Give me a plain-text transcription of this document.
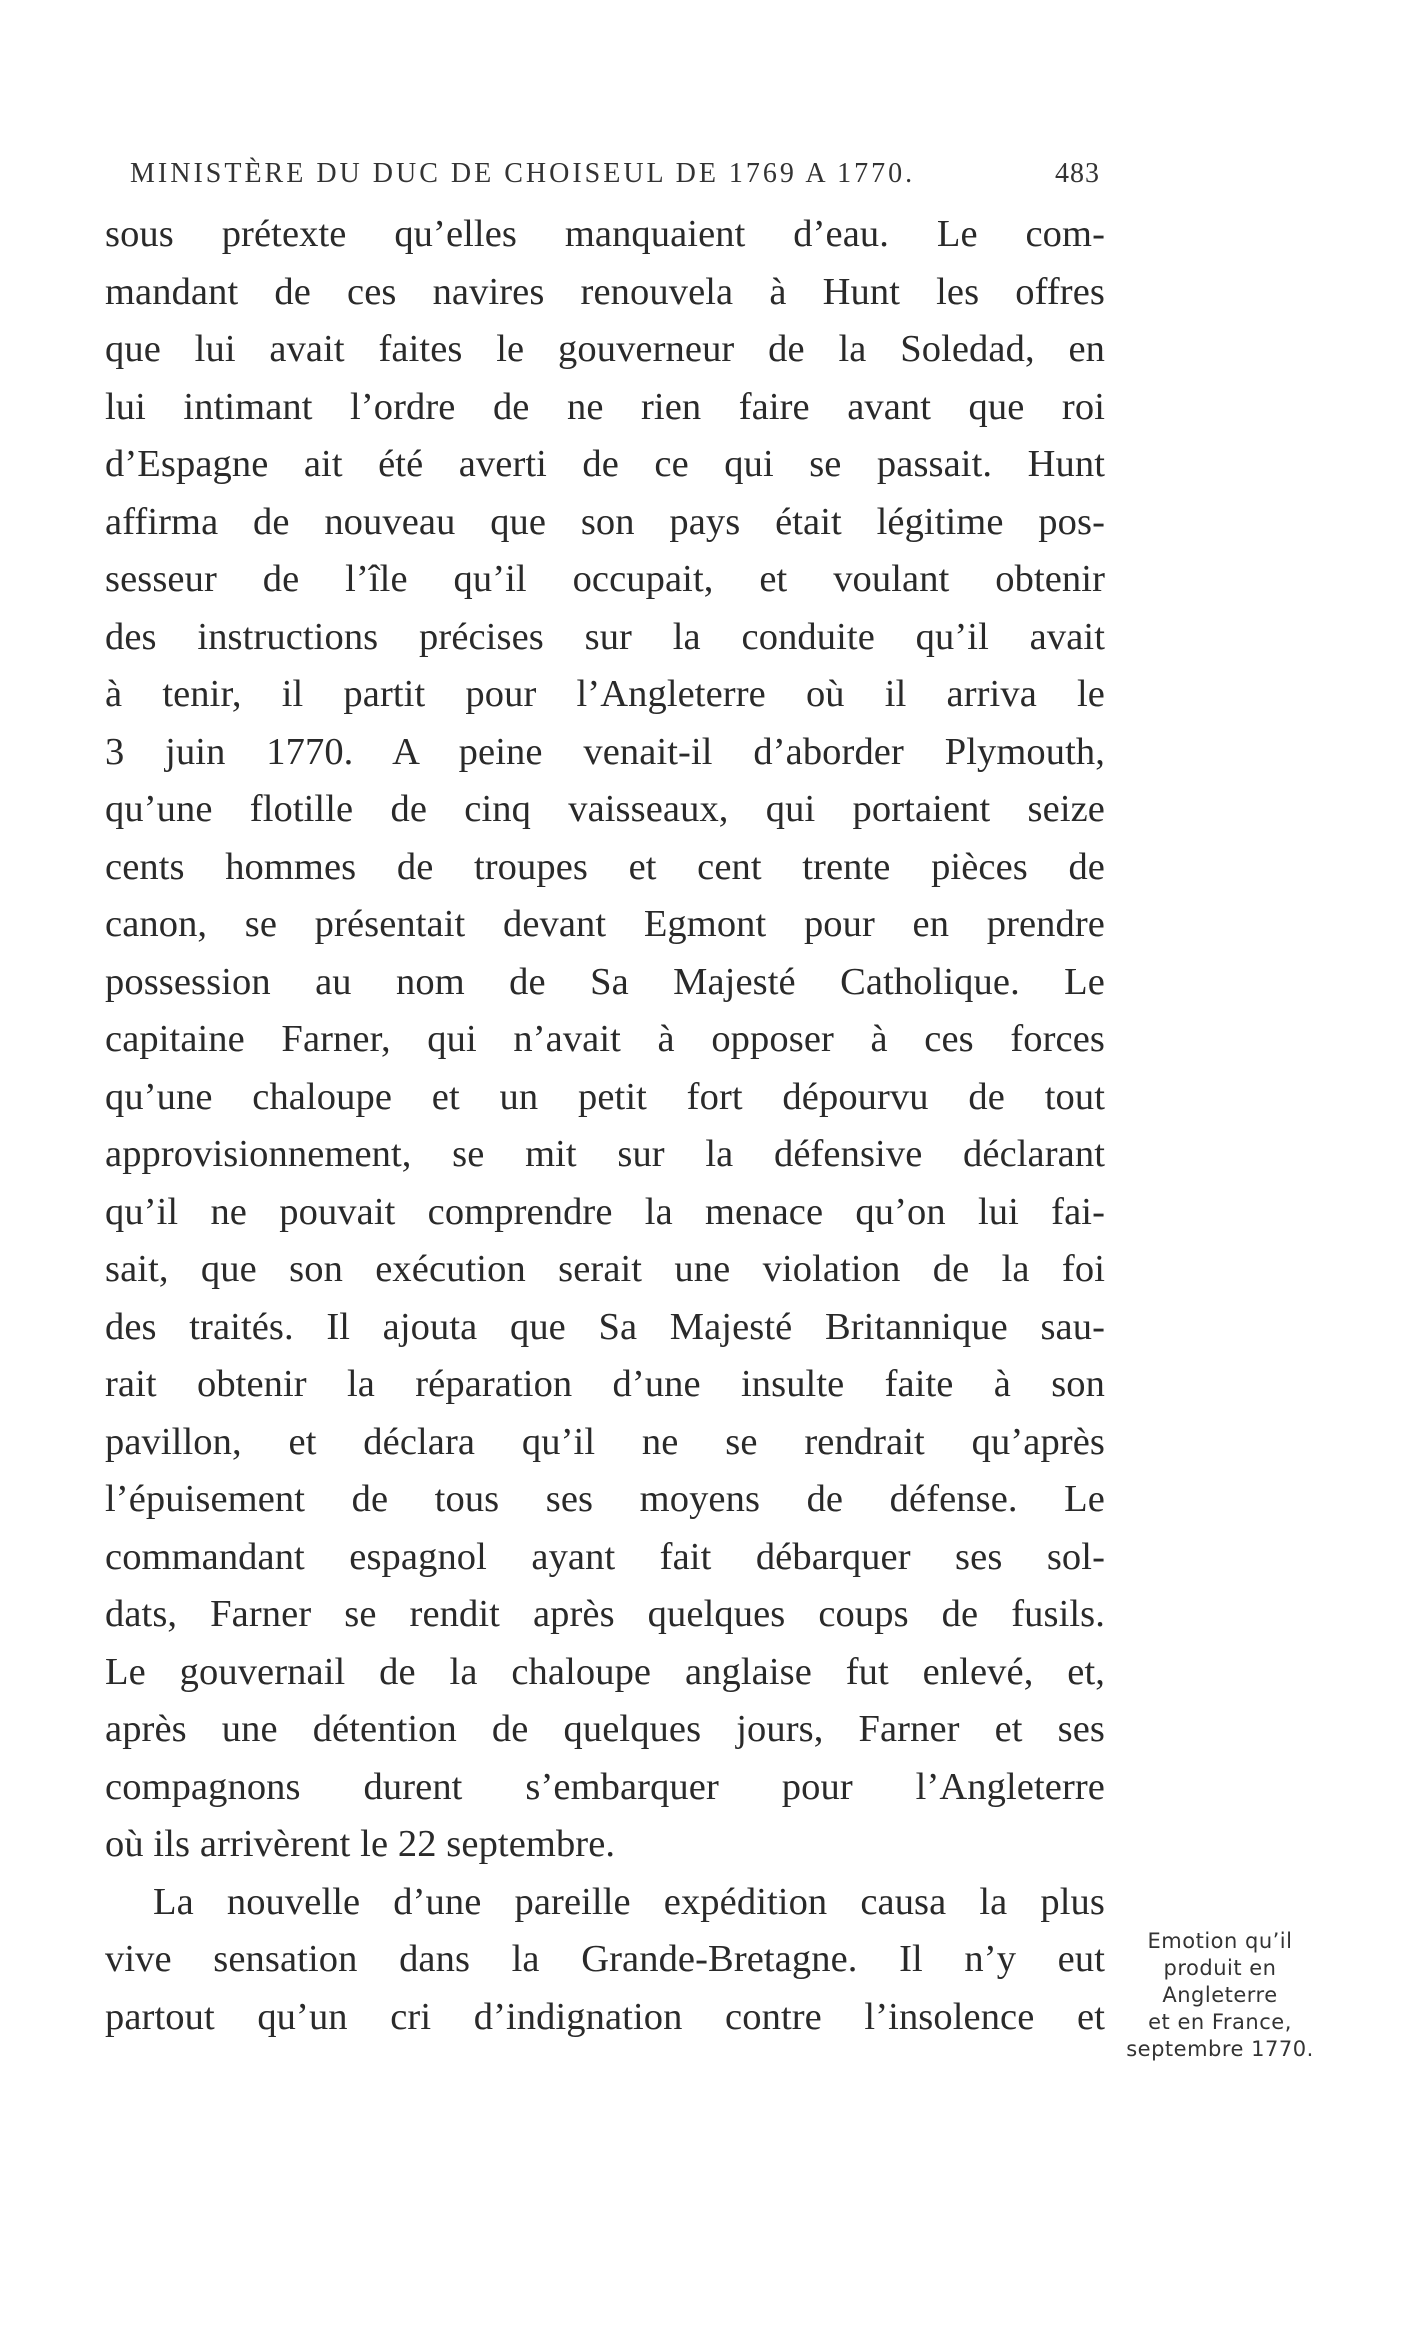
MINISTÈRE DU DUC DE CHOISEUL DE 1769 A 1770.	483
sous prétexte qu’elles manquaient d’eau. Le com-
mandant de ces navires renouvela à Hunt les offres
que lui avait faites le gouverneur de la Soledad, en
lui intimant l’ordre de ne rien faire avant que roi
d’Espagne ait été averti de ce qui se passait. Hunt
affirma de nouveau que son pays était légitime pos-
sesseur de l’île qu’il occupait, et voulant obtenir
des instructions précises sur la conduite qu’il avait
à tenir, il partit pour l’Angleterre où il arriva le
3 juin 1770. A peine venait-il d’aborder Plymouth,
qu’une flotille de cinq vaisseaux, qui portaient seize
cents hommes de troupes et cent trente pièces de
canon, se présentait devant Egmont pour en prendre
possession au nom de Sa Majesté Catholique. Le
capitaine Farner, qui n’avait à opposer à ces forces
qu’une chaloupe et un petit fort dépourvu de tout
approvisionnement, se mit sur la défensive déclarant
qu’il ne pouvait comprendre la menace qu’on lui fai-
sait, que son exécution serait une violation de la foi
des traités. Il ajouta que Sa Majesté Britannique sau-
rait obtenir la réparation d’une insulte faite à son
pavillon, et déclara qu’il ne se rendrait qu’après
l’épuisement de tous ses moyens de défense. Le
commandant espagnol ayant fait débarquer ses sol-
dats, Farner se rendit après quelques coups de fusils.
Le gouvernail de la chaloupe anglaise fut enlevé, et,
après une détention de quelques jours, Farner et ses
compagnons durent s’embarquer pour l’Angleterre
où ils arrivèrent le 22 septembre.
La nouvelle d’une pareille expédition causa la plus
vive sensation dans la Grande-Bretagne. Il n’y eut
partout qu’un cri d’indignation contre l’insolence et
Emotion qu’il
produit en
Angleterre
et en France,
septembre 1770.
